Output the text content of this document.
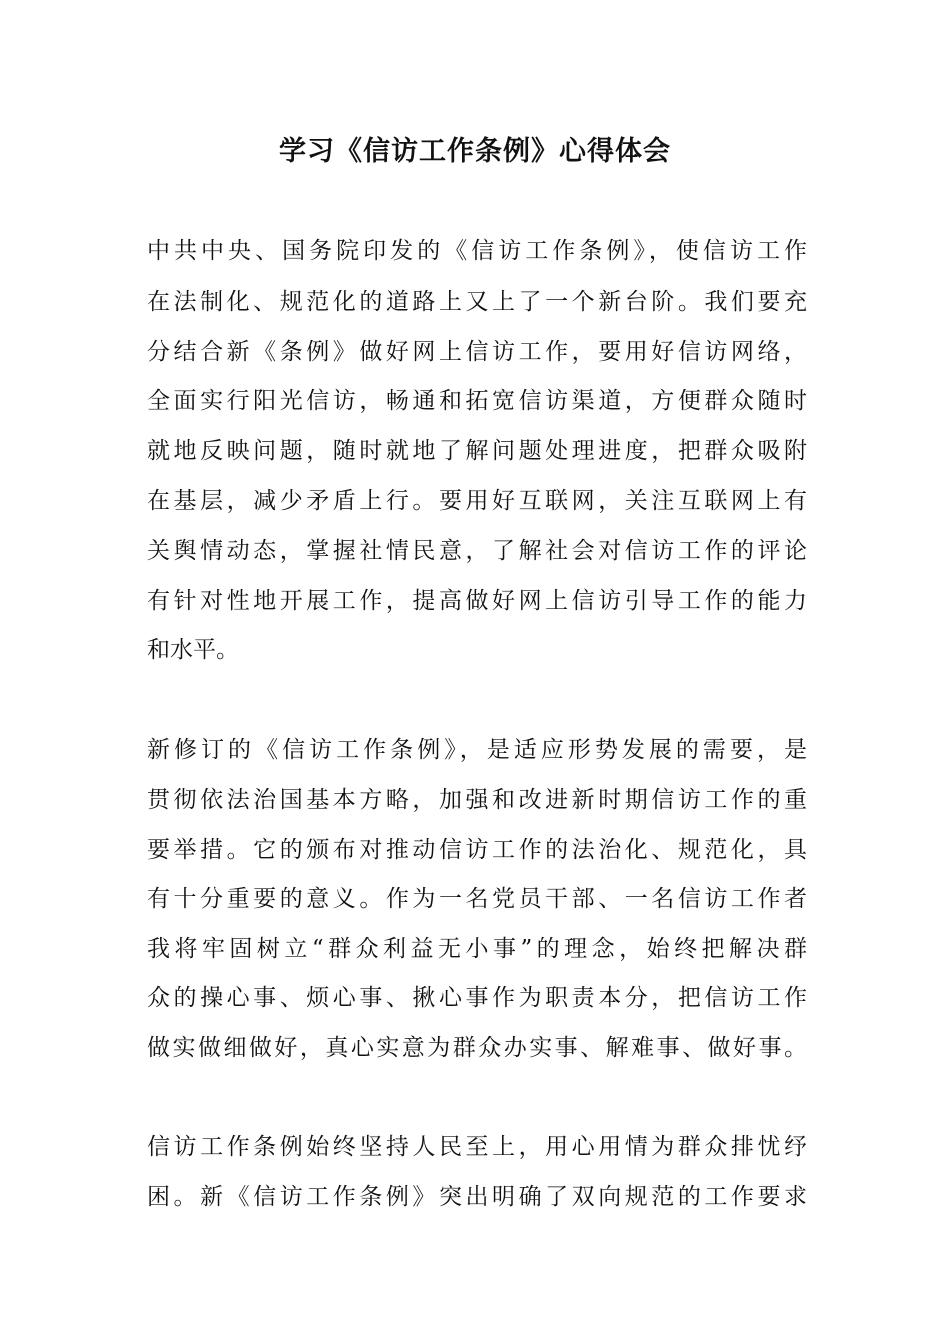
学习《信访工作条例》心得体会

中共中央、国务院印发的《信访工作条例》，使信访工作

在法制化、规范化的道路上又上了一个新台阶。我们要充

分结合新《条例》做好网上信访工作，要用好信访网络，

全面实行阳光信访，畅通和拓宽信访渠道，方便群众随时

就地反映问题，随时就地了解问题处理进度，把群众吸附

在基层，减少矛盾上行。要用好互联网，关注互联网上有

关舆情动态，掌握社情民意，了解社会对信访工作的评论

有针对性地开展工作，提高做好网上信访引导工作的能力

和水平。

新修订的《信访工作条例》，是适应形势发展的需要，是

贯彻依法治国基本方略，加强和改进新时期信访工作的重

要举措。它的颁布对推动信访工作的法治化、规范化，具

有十分重要的意义。作为一名党员干部、一名信访工作者

我将牢固树立“群众利益无小事”的理念，始终把解决群

众的操心事、烦心事、揪心事作为职责本分，把信访工作

做实做细做好，真心实意为群众办实事、解难事、做好事。

信访工作条例始终坚持人民至上，用心用情为群众排忧纾

困。新《信访工作条例》突出明确了双向规范的工作要求
